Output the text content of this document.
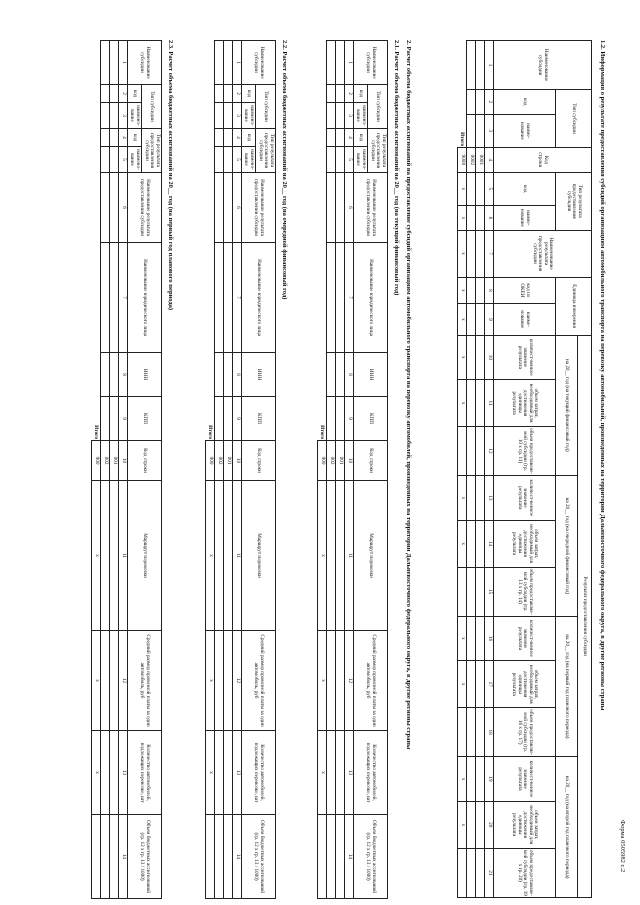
Форма 0505982 с.2
1.2. Информация о результате предоставления субсидий организациям автомобильного транспорта на перевозку автомобильной, произведенных на территории Дальневосточного федерального округа, в другие регионы страны
Наименование субсидии	Тип субсидии		Код строки	Тип результата предоставления субсидии		Наименование результата предоставления субсидии	Единица измерения		Результат предоставления субсидии											
									на 20__ год (на текущий финансовый год)			на 20__ год (на очередной финансовый год)			на 20__ год (на первый год планового периода)			на 20__ год (на второй год планового периода)		
	код	наиме-нование		код	наиме-нование		код по ОКЕИ	наиме-нование	количест-венное значение результата	объем затрат, необходимый для достижения единицы результата	объем предоставляе-мой субсидии (гр. 10 х гр. 11)	количест-венное значение результата	объем затрат, необходимый для достижения единицы результата	объем предоставляе-мой субсидии (гр. 13 х гр. 14)	количест-венное значение результата	объем затрат, необходимый для достижения единицы результата	объем предоставляе-мой субсидии (гр. 16 х гр. 17)	количест-венное значение результата	объем затрат, необходимый для достижения единицы результата	объем предоставляе-мой субсидии (гр. 19 х гр. 20)
1	2	3	4	5	6	7	8	9	10	11	12	13	14	15	16	17	18	19	20	21
			0001																	
			0002																	
Итого			9000	x	x	x	x	x	x	x		x	x		x	x		x	x	
2. Расчет объема бюджетных ассигнований на предоставление субсидий организациям автомобильного транспорта на перевозку автомобилей, произведенных на территории Дальневосточного федерального округа, в другие регионы страны
2.1. Расчет объема бюджетных ассигнований на 20__ год (на текущий финансовый год)
Наименование субсидии	Тип субсидии		Тип результата предоставления субсидии		Наименование результата предоставления субсидии	Наименование юридического лица	ИНН	КПП	Код строки	Маршрут перевозки	Средний размер провозной платы за один автомобиль, руб	Количество автомобилей, подлежащих перевозке, шт	Объем бюджетных ассигнований (гр. 12 х гр. 13 / 1000)
	код	наимено-вание	код	наимено-вание									
1	2	3	4	5	6	7	8	9	10	11	12	13	14
									001				
									002				
Итого									900	x	x	x	
2.2. Расчет объема бюджетных ассигнований на 20__ год (на очередной финансовый год)
Наименование субсидии	Тип субсидии		Тип результата предоставления субсидии		Наименование результата предоставления субсидии	Наименование юридического лица	ИНН	КПП	Код строки	Маршрут перевозки	Средний размер провозной платы за один автомобиль, руб	Количество автомобилей, подлежащих перевозке, шт	Объем бюджетных ассигнований (гр. 12 х гр. 13 / 1000)
	код	наимено-вание	код	наимено-вание									
1	2	3	4	5	6	7	8	9	10	11	12	13	14
									001				
									002				
Итого									900	x	x	x	
2.3. Расчет объема бюджетных ассигнований на 20__ год (на первый год планового периода)
Наименование субсидии	Тип субсидии		Тип результата предоставления субсидии		Наименование результата предоставления субсидии	Наименование юридического лица	ИНН	КПП	Код строки	Маршрут перевозки	Средний размер провозной платы за один автомобиль, руб	Количество автомобилей, подлежащих перевозке, шт	Объем бюджетных ассигнований (гр. 12 х гр. 13 / 1000)
	код	наимено-вание	код	наимено-вание									
1	2	3	4	5	6	7	8	9	10	11	12	13	14
									001				
									002				
Итого									900	x	x	x	
